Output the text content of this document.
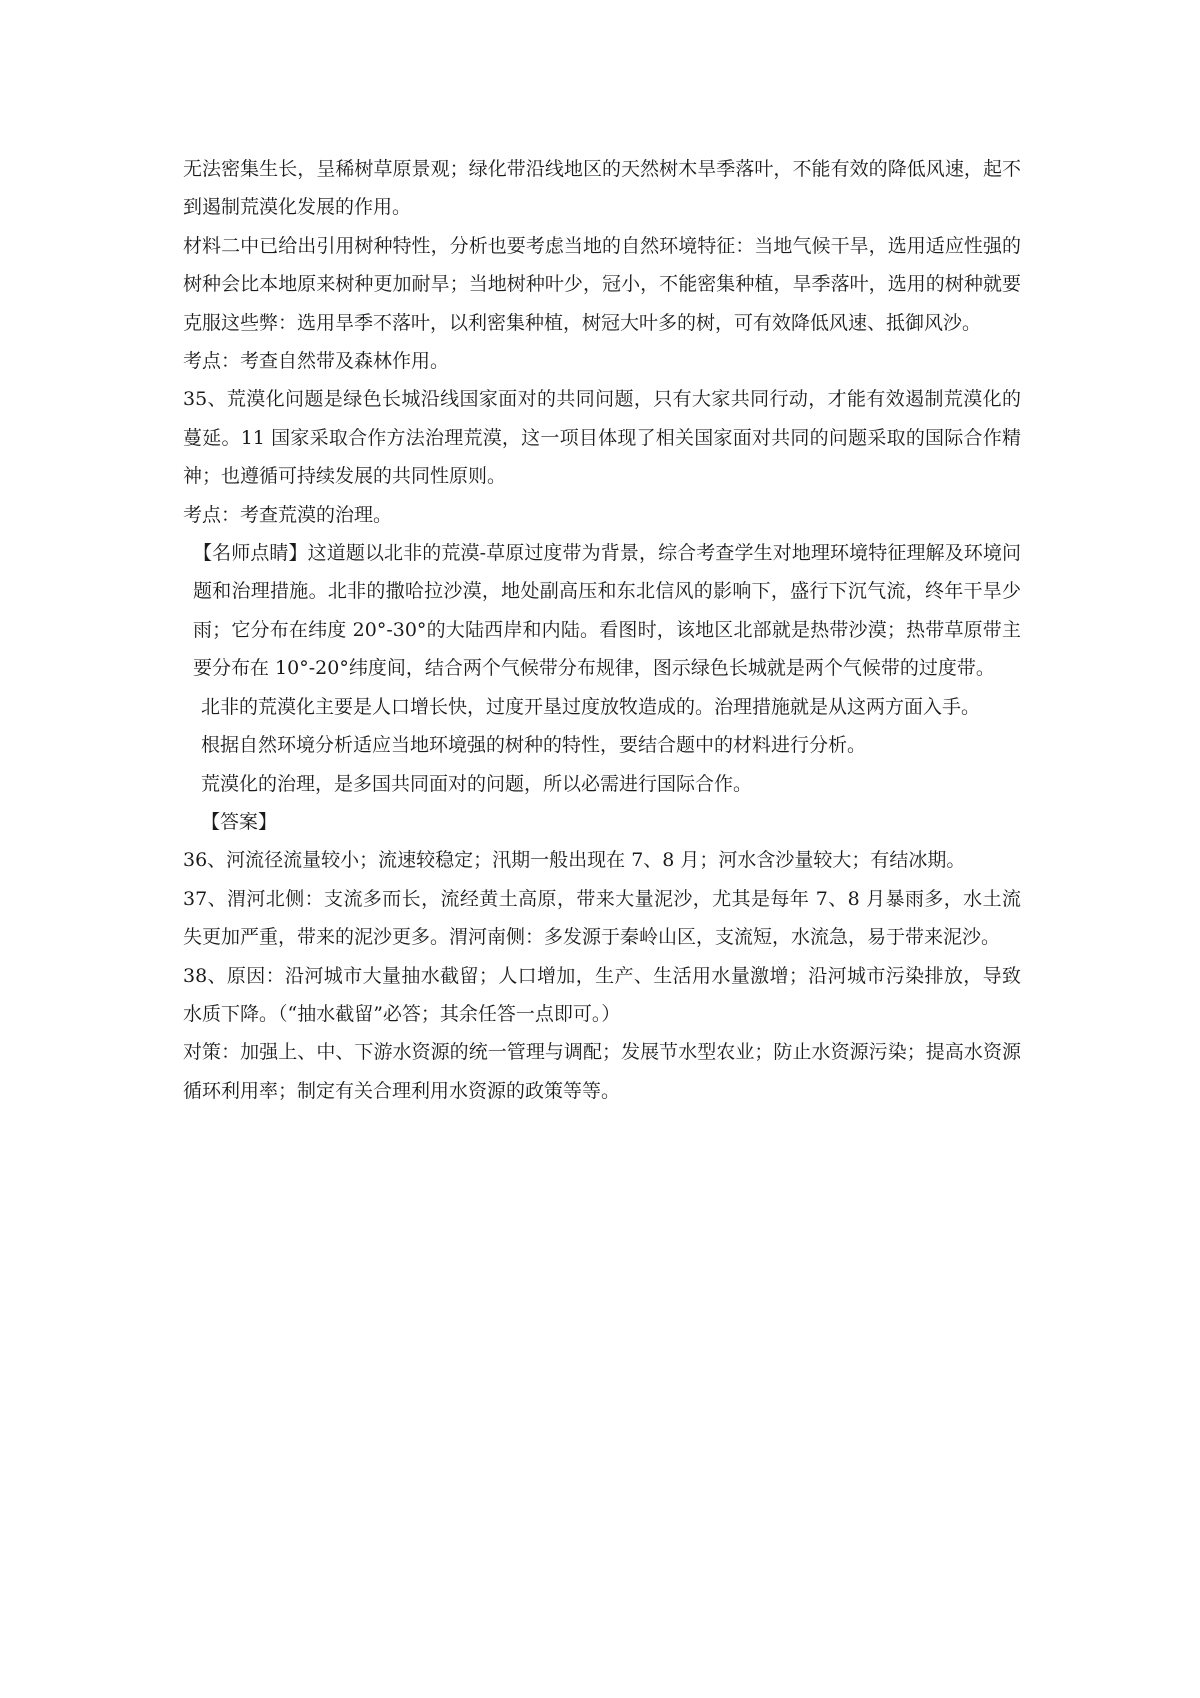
无法密集生长，呈稀树草原景观；绿化带沿线地区的天然树木旱季落叶，不能有效的降低风速，起不到遏制荒漠化发展的作用。

材料二中已给出引用树种特性，分析也要考虑当地的自然环境特征：当地气候干旱，选用适应性强的树种会比本地原来树种更加耐旱；当地树种叶少，冠小，不能密集种植，旱季落叶，选用的树种就要克服这些弊：选用旱季不落叶，以利密集种植，树冠大叶多的树，可有效降低风速、抵御风沙。

考点：考查自然带及森林作用。

35、荒漠化问题是绿色长城沿线国家面对的共同问题，只有大家共同行动，才能有效遏制荒漠化的蔓延。11 国家采取合作方法治理荒漠，这一项目体现了相关国家面对共同的问题采取的国际合作精神；也遵循可持续发展的共同性原则。

考点：考查荒漠的治理。

【名师点睛】这道题以北非的荒漠-草原过度带为背景，综合考查学生对地理环境特征理解及环境问题和治理措施。北非的撒哈拉沙漠，地处副高压和东北信风的影响下，盛行下沉气流，终年干旱少雨；它分布在纬度 20°-30°的大陆西岸和内陆。看图时，该地区北部就是热带沙漠；热带草原带主要分布在 10°-20°纬度间，结合两个气候带分布规律，图示绿色长城就是两个气候带的过度带。

北非的荒漠化主要是人口增长快，过度开垦过度放牧造成的。治理措施就是从这两方面入手。

根据自然环境分析适应当地环境强的树种的特性，要结合题中的材料进行分析。

荒漠化的治理，是多国共同面对的问题，所以必需进行国际合作。

【答案】

36、河流径流量较小；流速较稳定；汛期一般出现在 7、8 月；河水含沙量较大；有结冰期。

37、渭河北侧：支流多而长，流经黄土高原，带来大量泥沙，尤其是每年 7、8 月暴雨多，水土流失更加严重，带来的泥沙更多。渭河南侧：多发源于秦岭山区，支流短，水流急，易于带来泥沙。

38、原因：沿河城市大量抽水截留；人口增加，生产、生活用水量激增；沿河城市污染排放，导致水质下降。（“抽水截留”必答；其余任答一点即可。）

对策：加强上、中、下游水资源的统一管理与调配；发展节水型农业；防止水资源污染；提高水资源循环利用率；制定有关合理利用水资源的政策等等。
